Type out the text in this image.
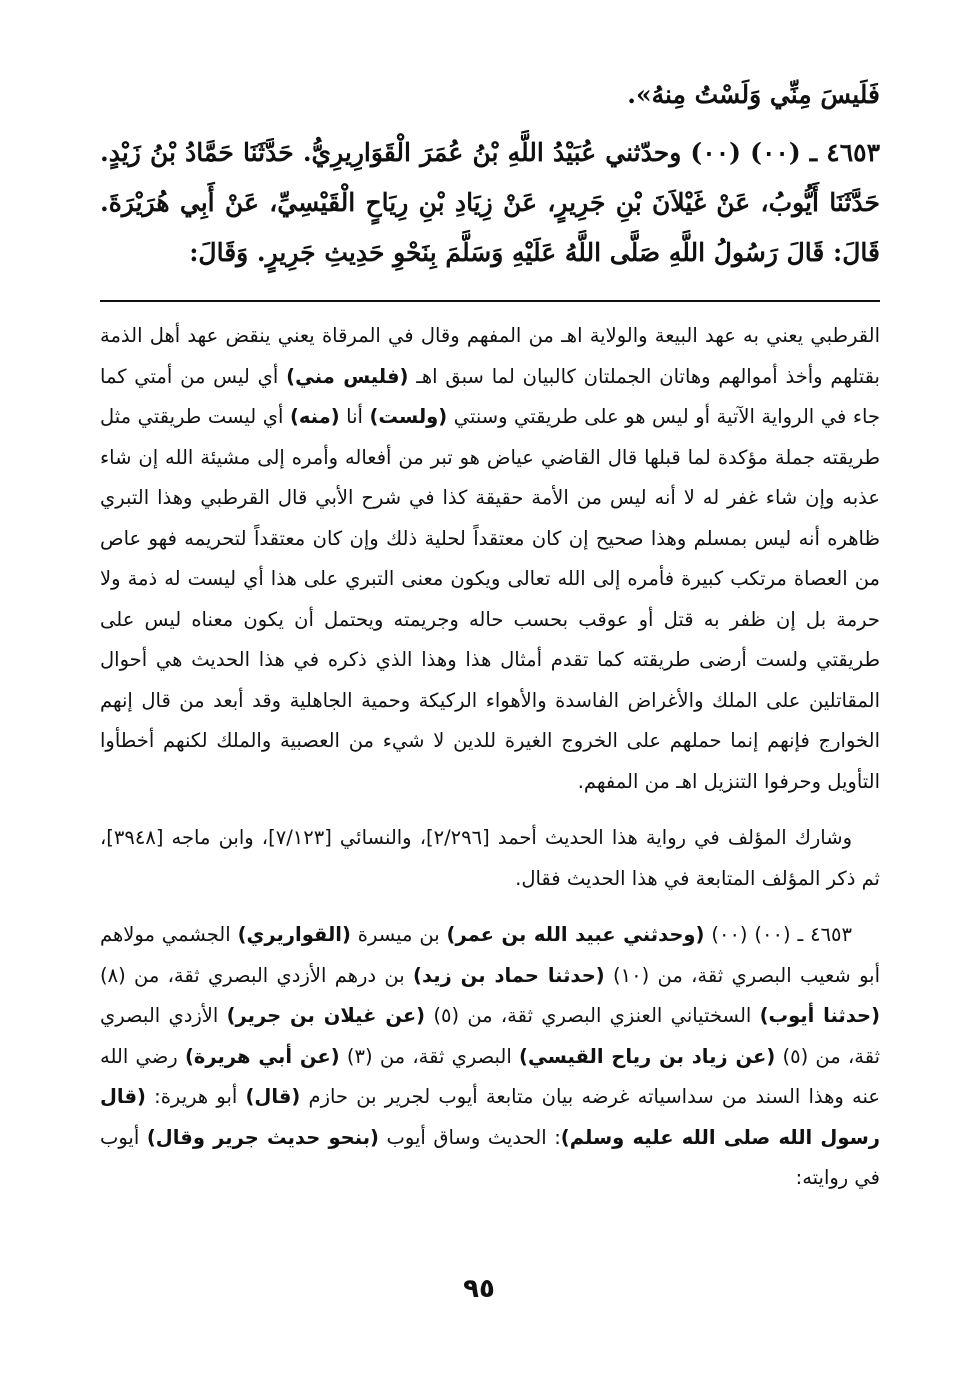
فَلَيسَ مِنِّي وَلَسْتُ مِنهُ».

٤٦٥٣ ـ (٠٠) (٠٠) وحدّثني عُبَيْدُ اللَّهِ بْنُ عُمَرَ الْقَوَارِيرِيُّ. حَدَّثَنَا حَمَّادُ بْنُ زَيْدٍ. حَدَّثَنَا أَيُّوبُ، عَنْ غَيْلاَنَ بْنِ جَرِيرٍ، عَنْ زِيَادِ بْنِ رِيَاحٍ الْقَيْسِيِّ، عَنْ أَبِي هُرَيْرَةَ. قَالَ: قَالَ رَسُولُ اللَّهِ صَلَّى اللَّهُ عَلَيْهِ وَسَلَّمَ بِنَحْوِ حَدِيثِ جَرِيرٍ. وَقَالَ:

القرطبي يعني به عهد البيعة والولاية اهـ من المفهم وقال في المرقاة يعني ينقض عهد أهل الذمة بقتلهم وأخذ أموالهم وهاتان الجملتان كالبيان لما سبق اهـ (فليس مني) أي ليس من أمتي كما جاء في الرواية الآتية أو ليس هو على طريقتي وسنتي (ولست) أنا (منه) أي ليست طريقتي مثل طريقته جملة مؤكدة لما قبلها قال القاضي عياض هو تبر من أفعاله وأمره إلى مشيئة الله إن شاء عذبه وإن شاء غفر له لا أنه ليس من الأمة حقيقة كذا في شرح الأبي قال القرطبي وهذا التبري ظاهره أنه ليس بمسلم وهذا صحيح إن كان معتقداً لحلية ذلك وإن كان معتقداً لتحريمه فهو عاص من العصاة مرتكب كبيرة فأمره إلى الله تعالى ويكون معنى التبري على هذا أي ليست له ذمة ولا حرمة بل إن ظفر به قتل أو عوقب بحسب حاله وجريمته ويحتمل أن يكون معناه ليس على طريقتي ولست أرضى طريقته كما تقدم أمثال هذا وهذا الذي ذكره في هذا الحديث هي أحوال المقاتلين على الملك والأغراض الفاسدة والأهواء الركيكة وحمية الجاهلية وقد أبعد من قال إنهم الخوارج فإنهم إنما حملهم على الخروج الغيرة للدين لا شيء من العصبية والملك لكنهم أخطأوا التأويل وحرفوا التنزيل اهـ من المفهم.

وشارك المؤلف في رواية هذا الحديث أحمد [٢/٢٩٦]، والنسائي [٧/١٢٣]، وابن ماجه [٣٩٤٨]، ثم ذكر المؤلف المتابعة في هذا الحديث فقال.

٤٦٥٣ ـ (٠٠) (٠٠) (وحدثني عبيد الله بن عمر) بن ميسرة (القواريري) الجشمي مولاهم أبو شعيب البصري ثقة، من (١٠) (حدثنا حماد بن زيد) بن درهم الأزدي البصري ثقة، من (٨) (حدثنا أيوب) السختياني العنزي البصري ثقة، من (٥) (عن غيلان بن جرير) الأزدي البصري ثقة، من (٥) (عن زياد بن رياح القيسي) البصري ثقة، من (٣) (عن أبي هريرة) رضي الله عنه وهذا السند من سداسياته غرضه بيان متابعة أيوب لجرير بن حازم (قال) أبو هريرة: (قال رسول الله صلى الله عليه وسلم): الحديث وساق أيوب (بنحو حديث جرير وقال) أيوب في روايته:

٩٥
